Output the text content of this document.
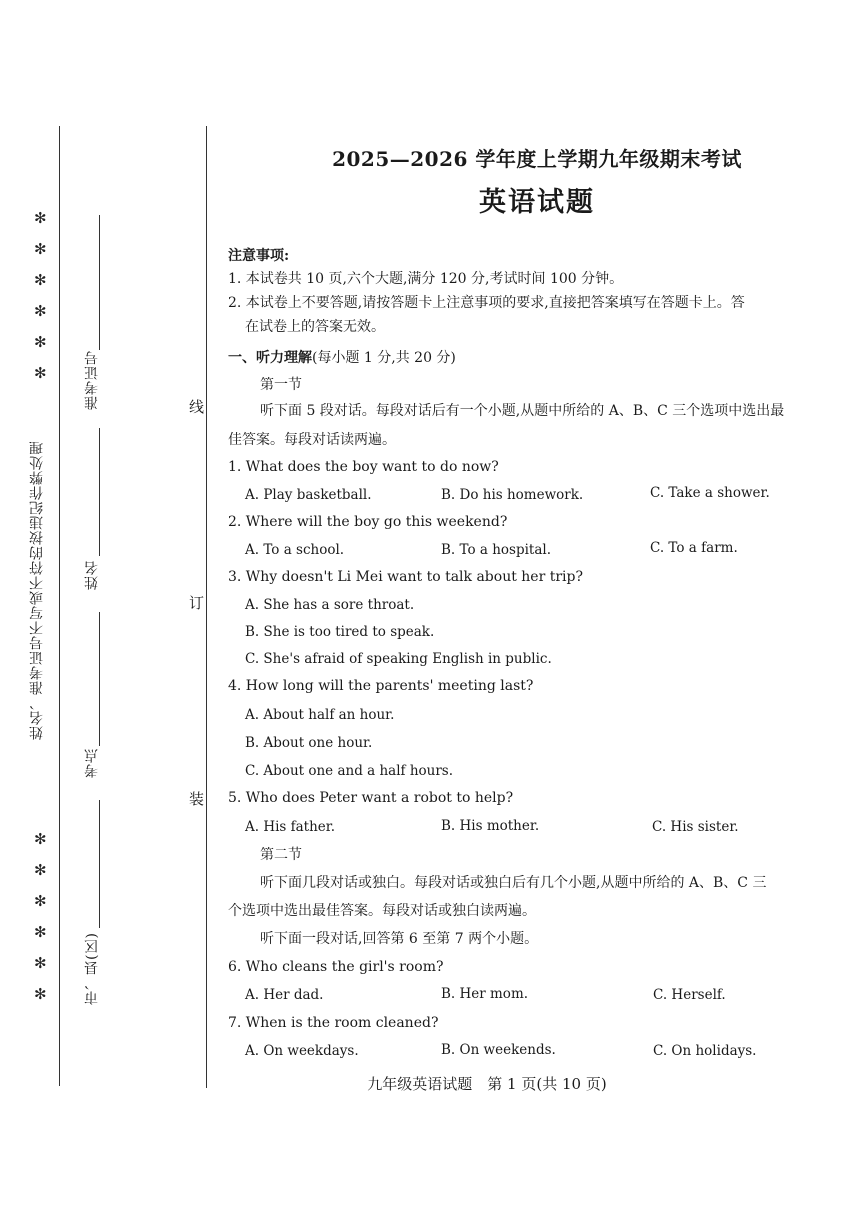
✻
✻
✻
✻
✻
✻
姓名、准考证号不写或不符的按违纪作弊处理
✻
✻
✻
✻
✻
✻
准考证号
姓名
考点
市、县(区)
线
订
装
2025—2026 学年度上学期九年级期末考试
英语试题
注意事项:
1. 本试卷共 10 页,六个大题,满分 120 分,考试时间 100 分钟。
2. 本试卷上不要答题,请按答题卡上注意事项的要求,直接把答案填写在答题卡上。答
在试卷上的答案无效。
一、听力理解(每小题 1 分,共 20 分)
第一节
听下面 5 段对话。每段对话后有一个小题,从题中所给的 A、B、C 三个选项中选出最
佳答案。每段对话读两遍。
1. What does the boy want to do now?
A. Play basketball.	B. Do his homework.	C. Take a shower.
2. Where will the boy go this weekend?
A. To a school.	B. To a hospital.	C. To a farm.
3. Why doesn't Li Mei want to talk about her trip?
A. She has a sore throat.
B. She is too tired to speak.
C. She's afraid of speaking English in public.
4. How long will the parents' meeting last?
A. About half an hour.
B. About one hour.
C. About one and a half hours.
5. Who does Peter want a robot to help?
A. His father.	B. His mother.	C. His sister.
第二节
听下面几段对话或独白。每段对话或独白后有几个小题,从题中所给的 A、B、C 三
个选项中选出最佳答案。每段对话或独白读两遍。
听下面一段对话,回答第 6 至第 7 两个小题。
6. Who cleans the girl's room?
A. Her dad.	B. Her mom.	C. Herself.
7. When is the room cleaned?
A. On weekdays.	B. On weekends.	C. On holidays.
九年级英语试题　第 1 页(共 10 页)
